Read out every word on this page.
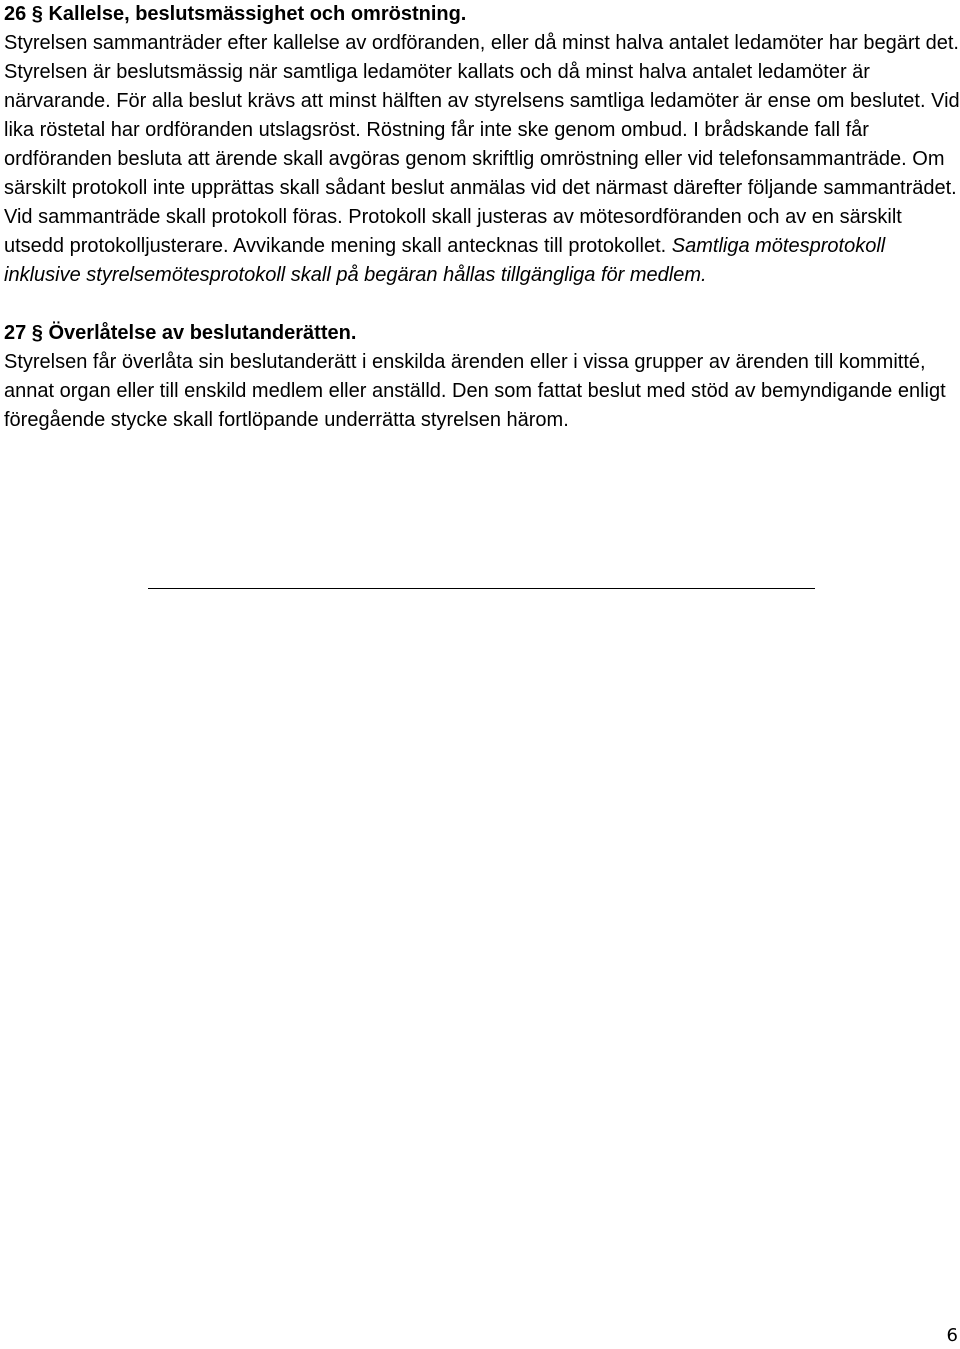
26 § Kallelse, beslutsmässighet och omröstning.

Styrelsen sammanträder efter kallelse av ordföranden, eller då minst halva antalet ledamöter har begärt det. Styrelsen är beslutsmässig när samtliga ledamöter kallats och då minst halva antalet ledamöter är närvarande. För alla beslut krävs att minst hälften av styrelsens samtliga ledamöter är ense om beslutet. Vid lika röstetal har ordföranden utslagsröst. Röstning får inte ske genom ombud. I brådskande fall får ordföranden besluta att ärende skall avgöras genom skriftlig omröstning eller vid telefonsammanträde. Om särskilt protokoll inte upprättas skall sådant beslut anmälas vid det närmast därefter följande sammanträdet. Vid sammanträde skall protokoll föras. Protokoll skall justeras av mötesordföranden och av en särskilt utsedd protokolljusterare. Avvikande mening skall antecknas till protokollet. Samtliga mötesprotokoll inklusive styrelsemötesprotokoll skall på begäran hållas tillgängliga för medlem.

27 § Överlåtelse av beslutanderätten.

Styrelsen får överlåta sin beslutanderätt i enskilda ärenden eller i vissa grupper av ärenden till kommitté, annat organ eller till enskild medlem eller anställd. Den som fattat beslut med stöd av bemyndigande enligt föregående stycke skall fortlöpande underrätta styrelsen härom.

6
